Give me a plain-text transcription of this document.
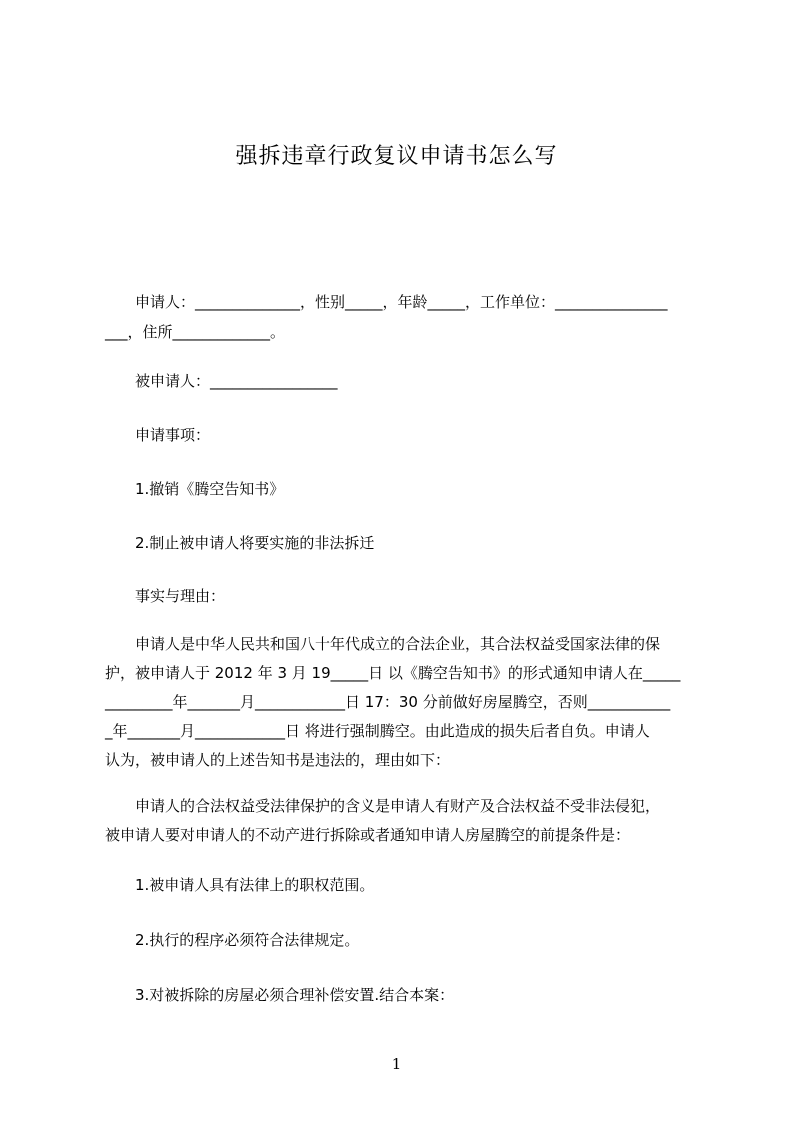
强拆违章行政复议申请书怎么写
申请人：______________，性别_____，年龄_____，工作单位：_______________
___，住所_____________。
被申请人：_________________
申请事项：
1.撤销《腾空告知书》
2.制止被申请人将要实施的非法拆迁
事实与理由：
申请人是中华人民共和国八十年代成立的合法企业，其合法权益受国家法律的保
护，被申请人于 2012 年 3 月 19_____日 以《腾空告知书》的形式通知申请人在_____
_________年_______月____________日 17：30 分前做好房屋腾空，否则___________
_年_______月____________日 将进行强制腾空。由此造成的损失后者自负。申请人
认为，被申请人的上述告知书是违法的，理由如下：
申请人的合法权益受法律保护的含义是申请人有财产及合法权益不受非法侵犯，
被申请人要对申请人的不动产进行拆除或者通知申请人房屋腾空的前提条件是：
1.被申请人具有法律上的职权范围。
2.执行的程序必须符合法律规定。
3.对被拆除的房屋必须合理补偿安置.结合本案：
1
